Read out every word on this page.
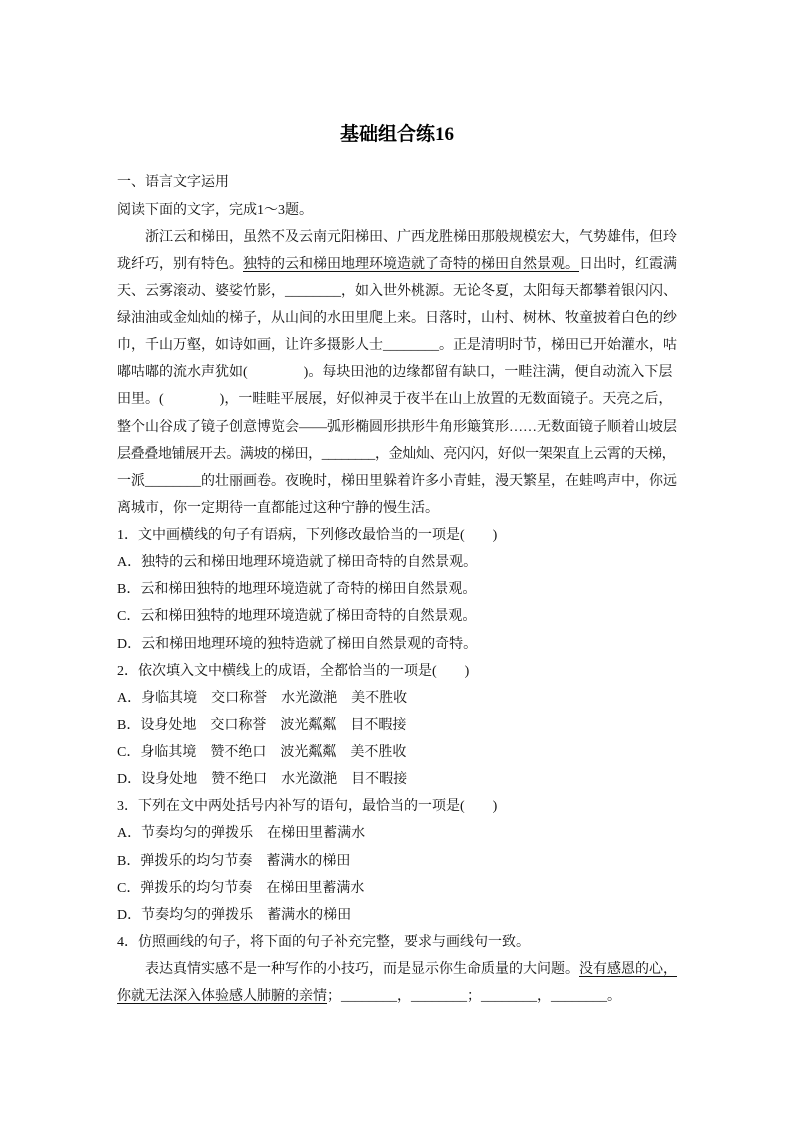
基础组合练16
一、语言文字运用
阅读下面的文字，完成1～3题。
浙江云和梯田，虽然不及云南元阳梯田、广西龙胜梯田那般规模宏大，气势雄伟，但玲
珑纤巧，别有特色。独特的云和梯田地理环境造就了奇特的梯田自然景观。日出时，红霞满
天、云雾滚动、婆娑竹影，________，如入世外桃源。无论冬夏，太阳每天都攀着银闪闪、
绿油油或金灿灿的梯子，从山间的水田里爬上来。日落时，山村、树林、牧童披着白色的纱
巾，千山万壑，如诗如画，让许多摄影人士________。正是清明时节，梯田已开始灌水，咕
嘟咕嘟的流水声犹如(　　　　)。每块田池的边缘都留有缺口，一畦注满，便自动流入下层
田里。(　　　　)，一畦畦平展展，好似神灵于夜半在山上放置的无数面镜子。天亮之后，
整个山谷成了镜子创意博览会——弧形椭圆形拱形牛角形簸箕形……无数面镜子顺着山坡层
层叠叠地铺展开去。满坡的梯田，________，金灿灿、亮闪闪，好似一架架直上云霄的天梯，
一派________的壮丽画卷。夜晚时，梯田里躲着许多小青蛙，漫天繁星，在蛙鸣声中，你远
离城市，你一定期待一直都能过这种宁静的慢生活。
1．文中画横线的句子有语病，下列修改最恰当的一项是(　　)
A．独特的云和梯田地理环境造就了梯田奇特的自然景观。
B．云和梯田独特的地理环境造就了奇特的梯田自然景观。
C．云和梯田独特的地理环境造就了梯田奇特的自然景观。
D．云和梯田地理环境的独特造就了梯田自然景观的奇特。
2．依次填入文中横线上的成语，全都恰当的一项是(　　)
A．身临其境　交口称誉　水光潋滟　美不胜收
B．设身处地　交口称誉　波光粼粼　目不暇接
C．身临其境　赞不绝口　波光粼粼　美不胜收
D．设身处地　赞不绝口　水光潋滟　目不暇接
3．下列在文中两处括号内补写的语句，最恰当的一项是(　　)
A．节奏均匀的弹拨乐　在梯田里蓄满水
B．弹拨乐的均匀节奏　蓄满水的梯田
C．弹拨乐的均匀节奏　在梯田里蓄满水
D．节奏均匀的弹拨乐　蓄满水的梯田
4．仿照画线的句子，将下面的句子补充完整，要求与画线句一致。
表达真情实感不是一种写作的小技巧，而是显示你生命质量的大问题。没有感恩的心，
你就无法深入体验感人肺腑的亲情；________，________；________，________。
